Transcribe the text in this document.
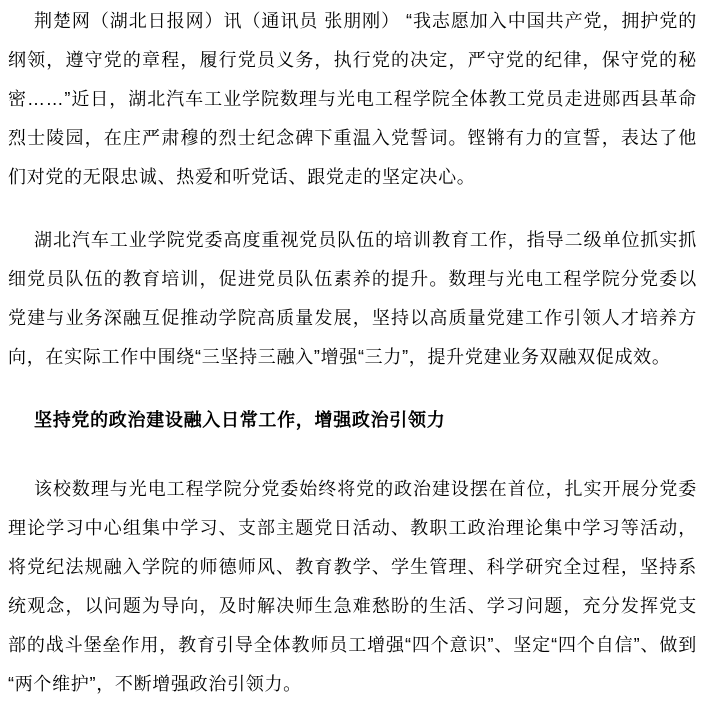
荆楚网（湖北日报网）讯（通讯员 张朋刚） “我志愿加入中国共产党，拥护党的纲领，遵守党的章程，履行党员义务，执行党的决定，严守党的纪律，保守党的秘密……”近日，湖北汽车工业学院数理与光电工程学院全体教工党员走进郧西县革命烈士陵园，在庄严肃穆的烈士纪念碑下重温入党誓词。铿锵有力的宣誓，表达了他们对党的无限忠诚、热爱和听党话、跟党走的坚定决心。

湖北汽车工业学院党委高度重视党员队伍的培训教育工作，指导二级单位抓实抓细党员队伍的教育培训，促进党员队伍素养的提升。数理与光电工程学院分党委以党建与业务深融互促推动学院高质量发展，坚持以高质量党建工作引领人才培养方向，在实际工作中围绕“三坚持三融入”增强“三力”，提升党建业务双融双促成效。

坚持党的政治建设融入日常工作，增强政治引领力

该校数理与光电工程学院分党委始终将党的政治建设摆在首位，扎实开展分党委理论学习中心组集中学习、支部主题党日活动、教职工政治理论集中学习等活动，将党纪法规融入学院的师德师风、教育教学、学生管理、科学研究全过程，坚持系统观念，以问题为导向，及时解决师生急难愁盼的生活、学习问题，充分发挥党支部的战斗堡垒作用，教育引导全体教师员工增强“四个意识”、坚定“四个自信”、做到“两个维护”，不断增强政治引领力。
